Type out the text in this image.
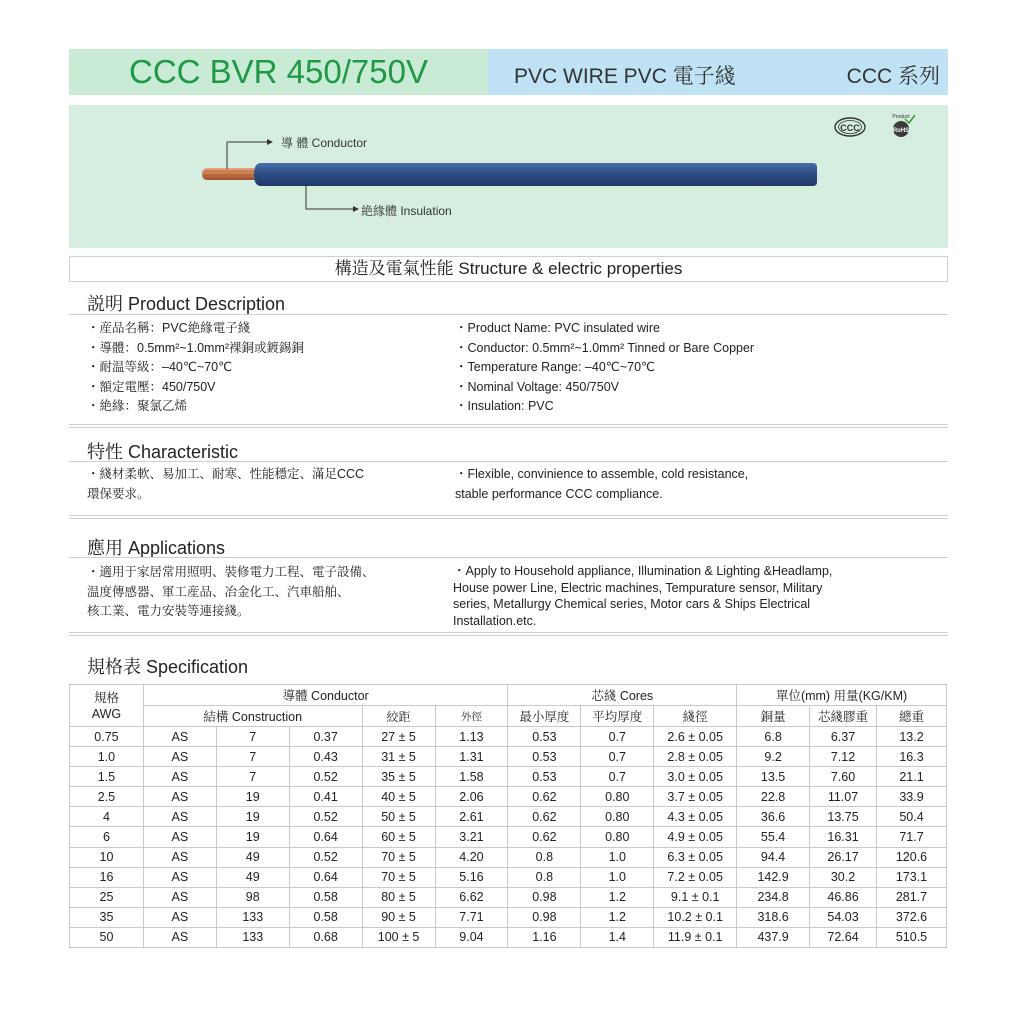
CCC BVR 450/750V	PVC WIRE PVC 電子綫	CCC 系列
CCC
Product
RoHS
導 體 Conductor
絶緣體 Insulation
構造及電氣性能 Structure & electric properties
説明 Product Description
・産品名稱：PVC絶緣電子綫
・導體：0.5mm²~1.0mm²裸銅或鍍錫銅
・耐温等級：–40℃~70℃
・額定電壓：450/750V
・絶緣：聚氯乙烯
・Product Name: PVC insulated wire
・Conductor: 0.5mm²~1.0mm² Tinned or Bare Copper
・Temperature Range: –40℃~70℃
・Nominal Voltage: 450/750V
・Insulation: PVC
特性 Characteristic
・綫材柔軟、易加工、耐寒、性能穩定、滿足CCC
環保要求。
・Flexible, convinience to assemble, cold resistance,
stable performance CCC compliance.
應用 Applications
・適用于家居常用照明、裝修電力工程、電子設備、
温度傳感器、軍工産品、冶金化工、汽車船舶、
核工業、電力安裝等連接綫。
・Apply to Household appliance, Illumination & Lighting &Headlamp,
House power Line, Electric machines, Tempurature sensor, Military
series, Metallurgy Chemical series, Motor cars & Ships Electrical
Installation.etc.
規格表 Specification
規格
AWG	導體 Conductor					芯綫 Cores			單位(mm) 用量(KG/KM)		
	結構 Construction			絞距	外徑	最小厚度	平均厚度	綫徑	銅量	芯綫膠重	總重
0.75	AS	7	0.37	27 ± 5	1.13	0.53	0.7	2.6 ± 0.05	6.8	6.37	13.2
1.0	AS	7	0.43	31 ± 5	1.31	0.53	0.7	2.8 ± 0.05	9.2	7.12	16.3
1.5	AS	7	0.52	35 ± 5	1.58	0.53	0.7	3.0 ± 0.05	13.5	7.60	21.1
2.5	AS	19	0.41	40 ± 5	2.06	0.62	0.80	3.7 ± 0.05	22.8	11.07	33.9
4	AS	19	0.52	50 ± 5	2.61	0.62	0.80	4.3 ± 0.05	36.6	13.75	50.4
6	AS	19	0.64	60 ± 5	3.21	0.62	0.80	4.9 ± 0.05	55.4	16.31	71.7
10	AS	49	0.52	70 ± 5	4.20	0.8	1.0	6.3 ± 0.05	94.4	26.17	120.6
16	AS	49	0.64	70 ± 5	5.16	0.8	1.0	7.2 ± 0.05	142.9	30.2	173.1
25	AS	98	0.58	80 ± 5	6.62	0.98	1.2	9.1 ± 0.1	234.8	46.86	281.7
35	AS	133	0.58	90 ± 5	7.71	0.98	1.2	10.2 ± 0.1	318.6	54.03	372.6
50	AS	133	0.68	100 ± 5	9.04	1.16	1.4	11.9 ± 0.1	437.9	72.64	510.5
